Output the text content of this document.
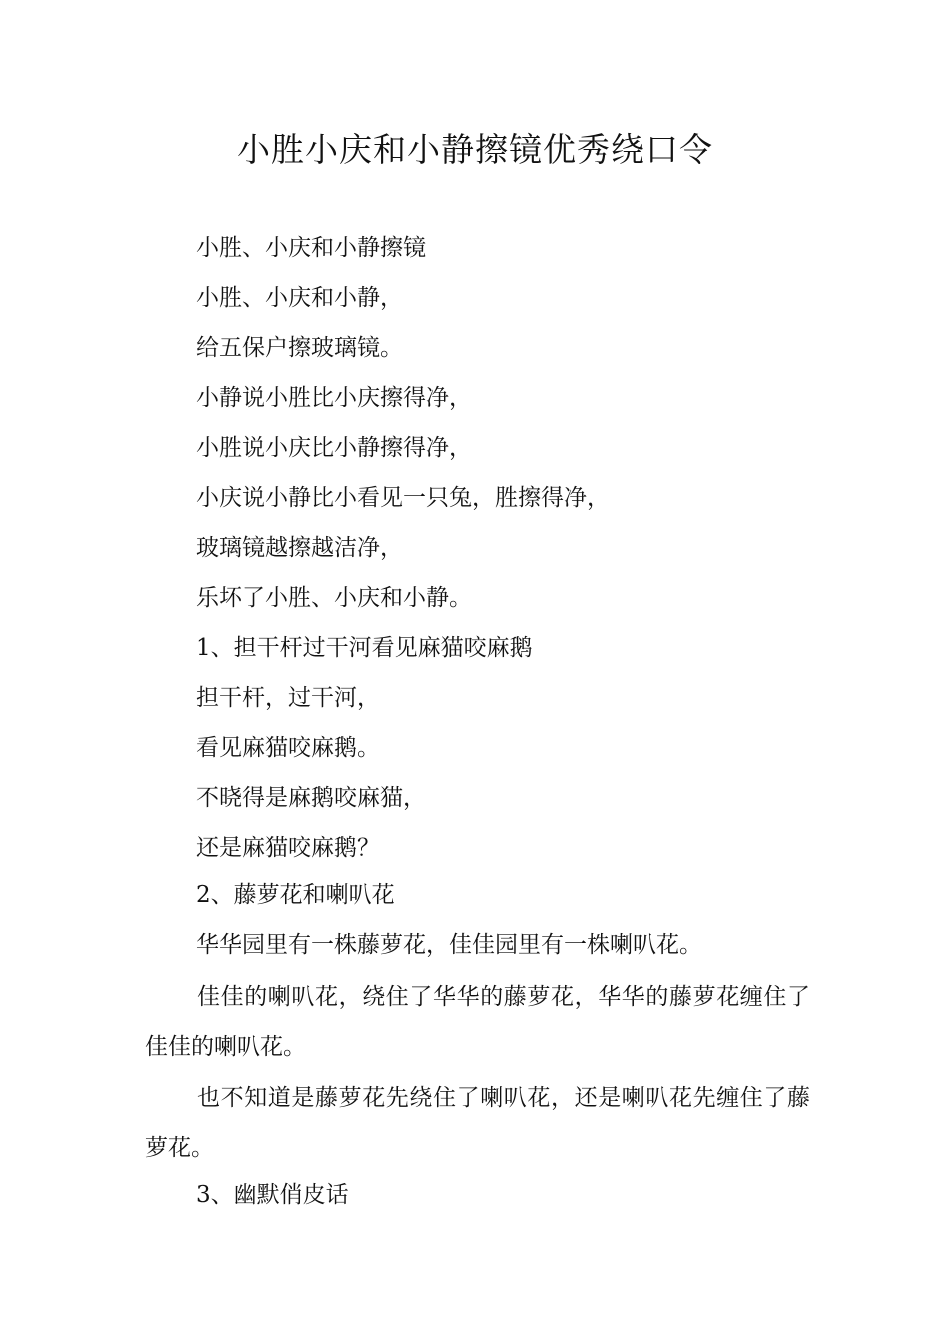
小胜小庆和小静擦镜优秀绕口令

小胜、小庆和小静擦镜

小胜、小庆和小静，

给五保户擦玻璃镜。

小静说小胜比小庆擦得净，

小胜说小庆比小静擦得净，

小庆说小静比小看见一只兔，胜擦得净，

玻璃镜越擦越洁净，

乐坏了小胜、小庆和小静。

1、担干杆过干河看见麻猫咬麻鹅

担干杆，过干河，

看见麻猫咬麻鹅。

不晓得是麻鹅咬麻猫，

还是麻猫咬麻鹅？

2、藤萝花和喇叭花

华华园里有一株藤萝花，佳佳园里有一株喇叭花。

佳佳的喇叭花，绕住了华华的藤萝花，华华的藤萝花缠住了佳佳的喇叭花。

也不知道是藤萝花先绕住了喇叭花，还是喇叭花先缠住了藤萝花。

3、幽默俏皮话
